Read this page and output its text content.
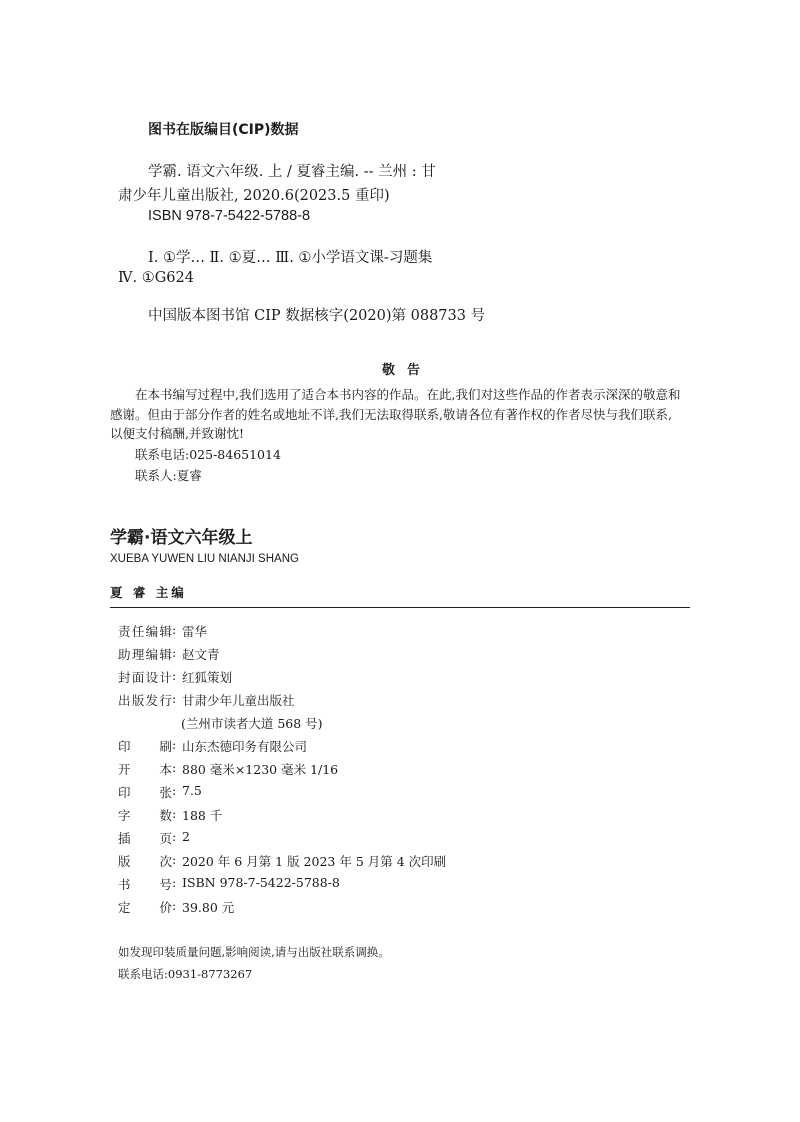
图书在版编目(CIP)数据
学霸. 语文六年级. 上 / 夏睿主编. -- 兰州 : 甘
肃少年儿童出版社, 2020.6(2023.5 重印)
ISBN 978-7-5422-5788-8
Ⅰ. ①学… Ⅱ. ①夏… Ⅲ. ①小学语文课-习题集
Ⅳ. ①G624
中国版本图书馆 CIP 数据核字(2020)第 088733 号
敬告
在本书编写过程中,我们选用了适合本书内容的作品。在此,我们对这些作品的作者表示深深的敬意和感谢。但由于部分作者的姓名或地址不详,我们无法取得联系,敬请各位有著作权的作者尽快与我们联系,以便支付稿酬,并致谢忱!
联系电话:025-84651014
联系人:夏睿
学霸·语文六年级上
XUEBA YUWEN LIU NIANJI SHANG
夏 睿 主编
责任编辑 : 雷华
助理编辑 : 赵文青
封面设计 : 红狐策划
出版发行 : 甘肃少年儿童出版社
(兰州市读者大道 568 号)
印刷 : 山东杰德印务有限公司
开本 : 880 毫米×1230 毫米 1/16
印张 : 7.5
字数 : 188 千
插页 : 2
版次 : 2020 年 6 月第 1 版 2023 年 5 月第 4 次印刷
书号 : ISBN 978-7-5422-5788-8
定价 : 39.80 元
如发现印装质量问题,影响阅读,请与出版社联系调换。
联系电话:0931-8773267
